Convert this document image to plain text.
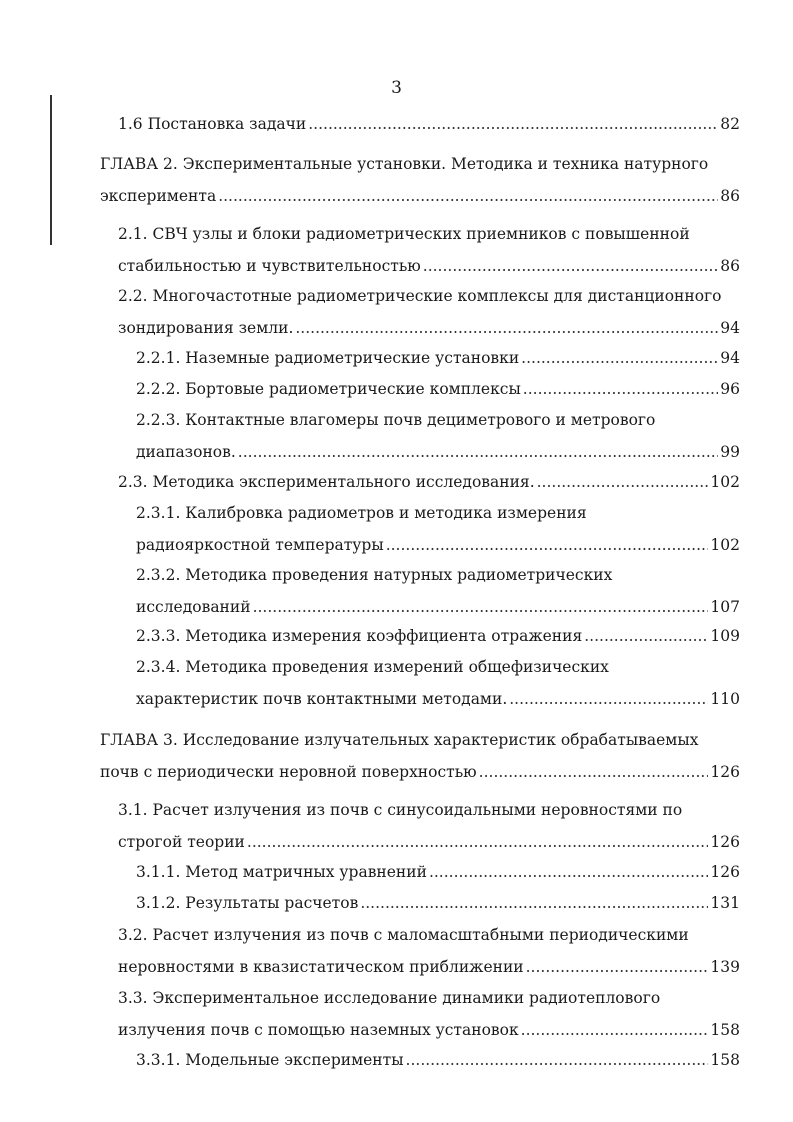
3
1.6 Постановка задачи .....	82
ГЛАВА 2. Экспериментальные установки. Методика и техника натурного
эксперимента .....	86
2.1. СВЧ узлы и блоки радиометрических приемников с повышенной
стабильностью и чувствительностью .....	86
2.2. Многочастотные радиометрические комплексы для дистанционного
зондирования земли. .....	94
2.2.1. Наземные радиометрические установки .....	94
2.2.2. Бортовые радиометрические комплексы .....	96
2.2.3. Контактные влагомеры почв дециметрового и метрового
диапазонов. .....	99
2.3. Методика экспериментального исследования. .....	102
2.3.1. Калибровка радиометров и методика измерения
радиояркостной температуры .....	102
2.3.2. Методика проведения натурных радиометрических
исследований .....	107
2.3.3. Методика измерения коэффициента отражения .....	109
2.3.4. Методика проведения измерений общефизических
характеристик почв контактными методами. .....	110
ГЛАВА 3. Исследование излучательных характеристик обрабатываемых
почв с периодически неровной поверхностью .....	126
3.1. Расчет излучения из почв с синусоидальными неровностями по
строгой теории .....	126
3.1.1. Метод матричных уравнений .....	126
3.1.2. Результаты расчетов .....	131
3.2. Расчет излучения из почв с маломасштабными периодическими
неровностями в квазистатическом приближении .....	139
3.3. Экспериментальное исследование динамики радиотеплового
излучения почв с помощью наземных установок .....	158
3.3.1. Модельные эксперименты .....	158
